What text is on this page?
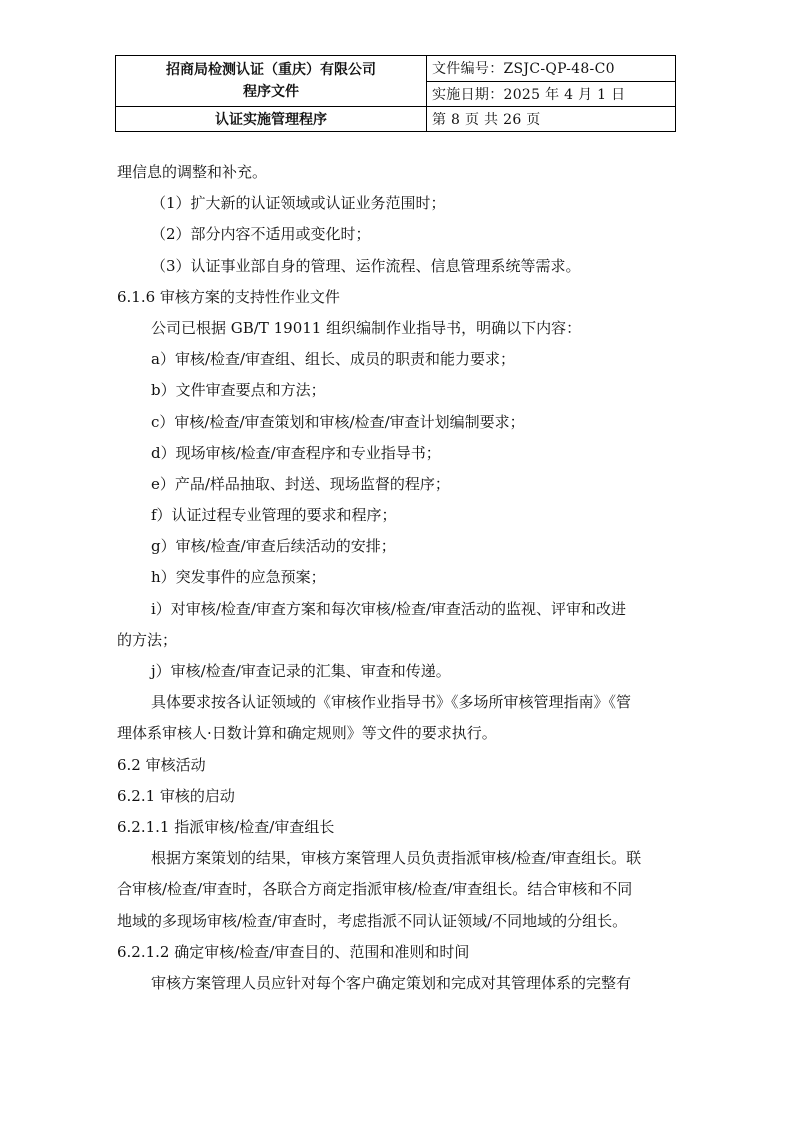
招商局检测认证（重庆）有限公司
程序文件	文件编号：ZSJC-QP-48-C0
	实施日期：2025 年 4 月 1 日
认证实施管理程序	第 8 页 共 26 页

理信息的调整和补充。

（1）扩大新的认证领域或认证业务范围时；

（2）部分内容不适用或变化时；

（3）认证事业部自身的管理、运作流程、信息管理系统等需求。

6.1.6 审核方案的支持性作业文件

公司已根据 GB/T 19011 组织编制作业指导书，明确以下内容：

a）审核/检查/审查组、组长、成员的职责和能力要求；

b）文件审查要点和方法；

c）审核/检查/审查策划和审核/检查/审查计划编制要求；

d）现场审核/检查/审查程序和专业指导书；

e）产品/样品抽取、封送、现场监督的程序；

f）认证过程专业管理的要求和程序；

g）审核/检查/审查后续活动的安排；

h）突发事件的应急预案；

i）对审核/检查/审查方案和每次审核/检查/审查活动的监视、评审和改进

的方法；

j）审核/检查/审查记录的汇集、审查和传递。

具体要求按各认证领域的《审核作业指导书》《多场所审核管理指南》《管

理体系审核人·日数计算和确定规则》等文件的要求执行。

6.2 审核活动

6.2.1 审核的启动

6.2.1.1 指派审核/检查/审查组长

根据方案策划的结果，审核方案管理人员负责指派审核/检查/审查组长。联

合审核/检查/审查时，各联合方商定指派审核/检查/审查组长。结合审核和不同

地域的多现场审核/检查/审查时，考虑指派不同认证领域/不同地域的分组长。

6.2.1.2 确定审核/检查/审查目的、范围和准则和时间

审核方案管理人员应针对每个客户确定策划和完成对其管理体系的完整有
